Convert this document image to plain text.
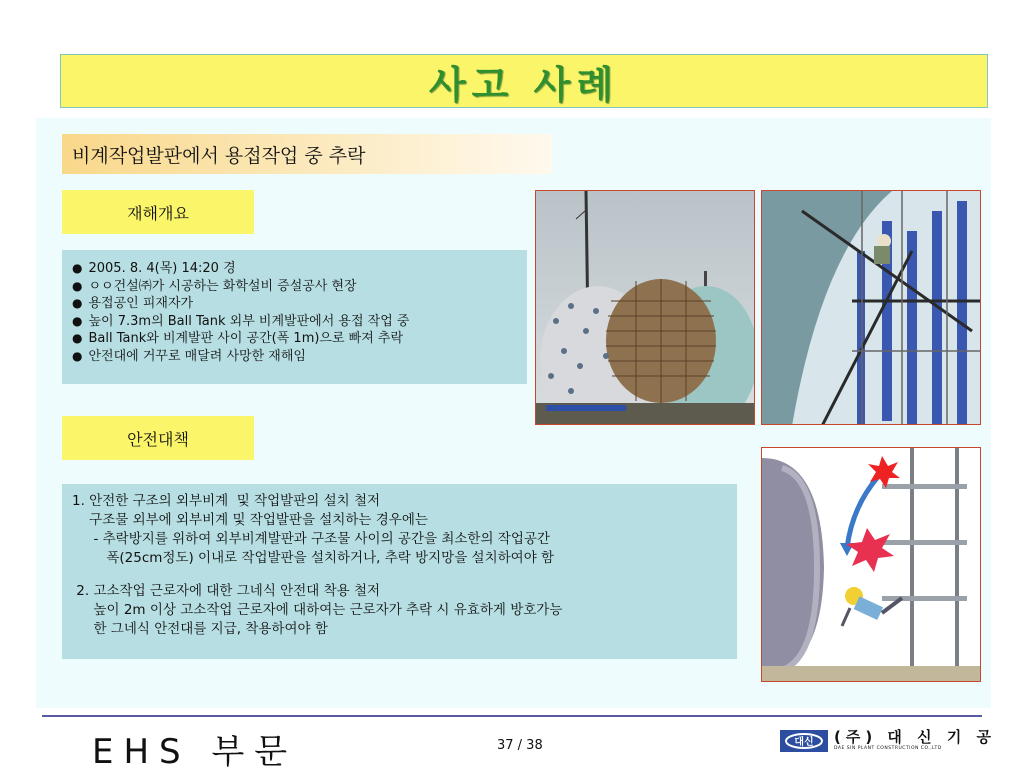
사고 사례
비계작업발판에서 용접작업 중 추락
재해개요
● 2005. 8. 4(목) 14:20 경
● ㅇㅇ건설㈜가 시공하는 화학설비 증설공사 현장
● 용접공인 피재자가
● 높이 7.3m의 Ball Tank 외부 비계발판에서 용접 작업 중
● Ball Tank와 비계발판 사이 공간(폭 1m)으로 빠져 추락
● 안전대에 거꾸로 매달려 사망한 재해임
안전대책
1. 안전한 구조의 외부비계  및 작업발판의 설치 철저
구조물 외부에 외부비계 및 작업발판을 설치하는 경우에는
- 추락방지를 위하여 외부비계발판과 구조물 사이의 공간을 최소한의 작업공간
폭(25cm정도) 이내로 작업발판을 설치하거나, 추락 방지망을 설치하여야 함
2. 고소작업 근로자에 대한 그네식 안전대 착용 철저
높이 2m 이상 고소작업 근로자에 대하여는 근로자가 추락 시 유효하게 방호가능
한 그네식 안전대를 지급, 착용하여야 함
EHS 부문	37 / 38	대신 (주) 대 신 기 공
DAE SIN PLANT CONSTRUCTION CO.,LTD
